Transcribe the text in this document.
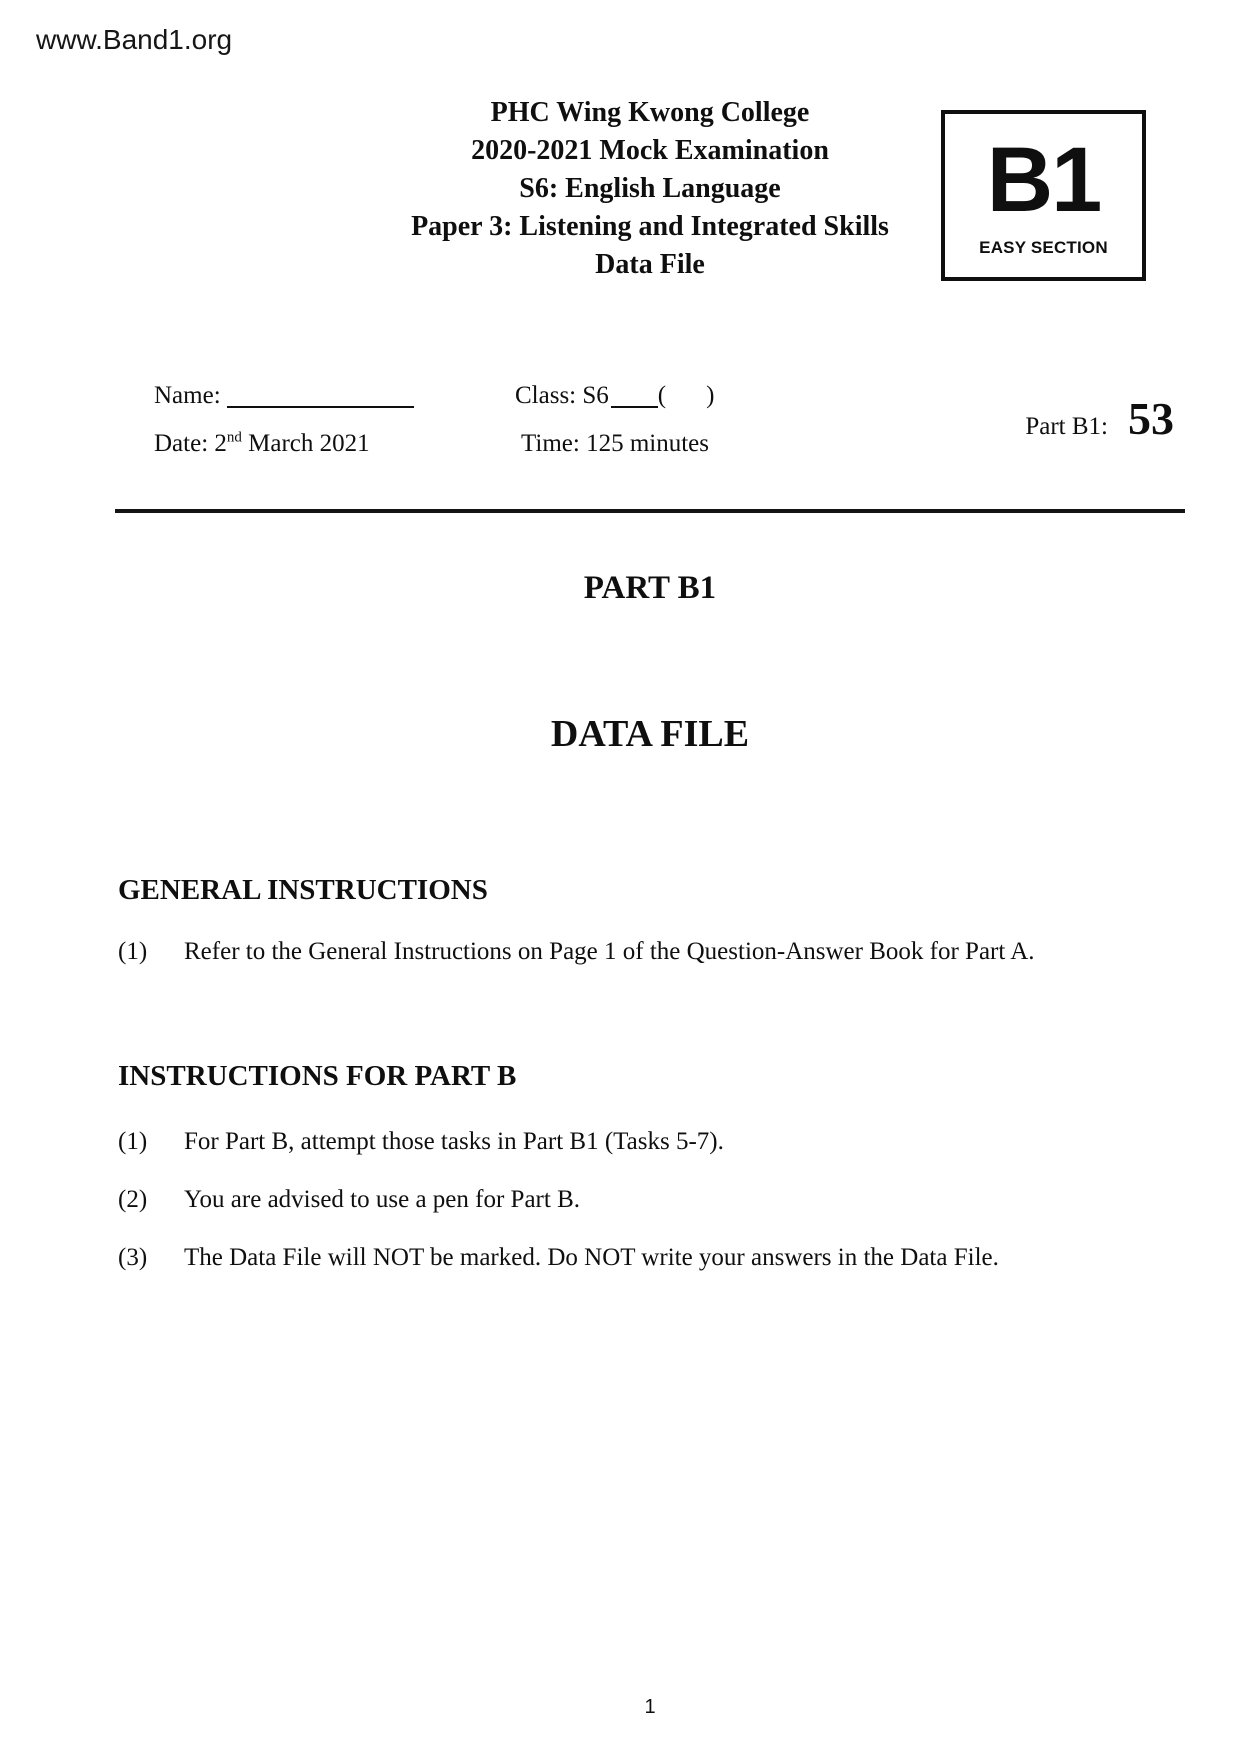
www.Band1.org
PHC Wing Kwong College
2020-2021 Mock Examination
S6: English Language
Paper 3: Listening and Integrated Skills
Data File
B1
EASY SECTION
Name:	Class: S6 ( )
Date: 2nd March 2021	Time: 125 minutes
Part B1: 53
PART B1
DATA FILE
GENERAL INSTRUCTIONS
(1) Refer to the General Instructions on Page 1 of the Question-Answer Book for Part A.
INSTRUCTIONS FOR PART B
(1) For Part B, attempt those tasks in Part B1 (Tasks 5-7).
(2) You are advised to use a pen for Part B.
(3) The Data File will NOT be marked. Do NOT write your answers in the Data File.
1
